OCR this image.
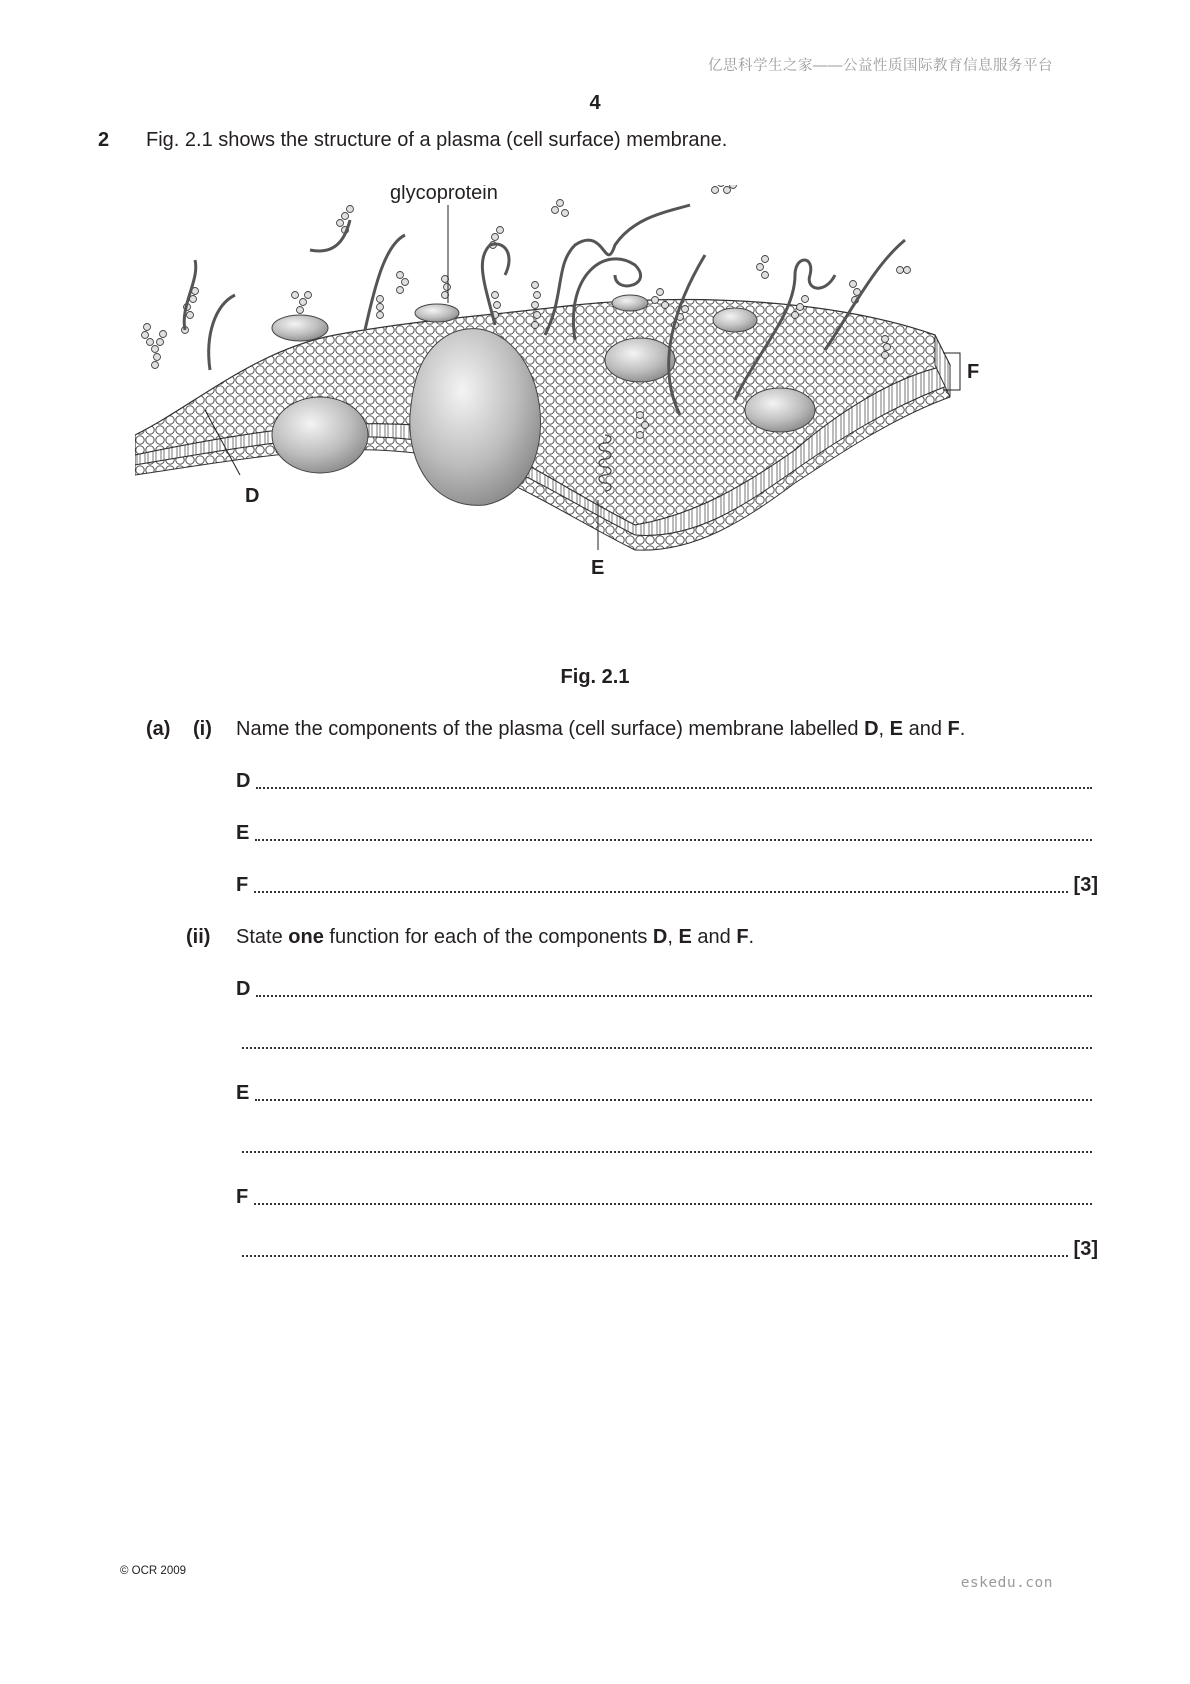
亿思科学生之家——公益性质国际教育信息服务平台
4
2 Fig. 2.1 shows the structure of a plasma (cell surface) membrane.
glycoprotein
D
E
F
Fig. 2.1
(a) (i) Name the components of the plasma (cell surface) membrane labelled D, E and F.
D
E
F	[3]
(ii) State one function for each of the components D, E and F.
D
E
F
[3]
© OCR 2009
eskedu.con
